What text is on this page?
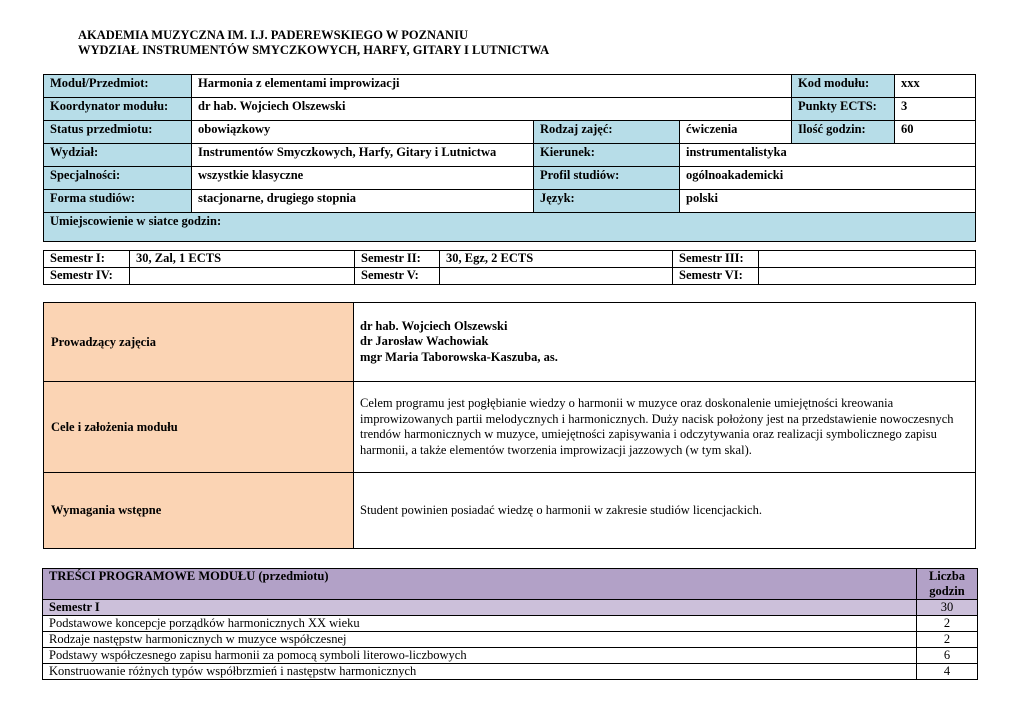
AKADEMIA MUZYCZNA IM. I.J. PADEREWSKIEGO W POZNANIU
WYDZIAŁ INSTRUMENTÓW SMYCZKOWYCH, HARFY, GITARY I LUTNICTWA
Moduł/Przedmiot:	Harmonia z elementami improwizacji			Kod modułu:	xxx
Koordynator modułu:	dr hab. Wojciech Olszewski			Punkty ECTS:	3
Status przedmiotu:	obowiązkowy	Rodzaj zajęć:	ćwiczenia	Ilość godzin:	60
Wydział:	Instrumentów Smyczkowych, Harfy, Gitary i Lutnictwa	Kierunek:	instrumentalistyka		
Specjalności:	wszystkie klasyczne	Profil studiów:	ogólnoakademicki		
Forma studiów:	stacjonarne, drugiego stopnia	Język:	polski		
Umiejscowienie w siatce godzin:					
Semestr I:	30, Zal, 1 ECTS	Semestr II:	30, Egz, 2 ECTS	Semestr III:	
Semestr IV:		Semestr V:		Semestr VI:	
Prowadzący zajęcia	dr hab. Wojciech Olszewski
dr Jarosław Wachowiak
mgr Maria Taborowska-Kaszuba, as.

Cele i założenia modułu	Celem programu jest pogłębianie wiedzy o harmonii w muzyce oraz doskonalenie umiejętności kreowania improwizowanych partii melodycznych i harmonicznych. Duży nacisk położony jest na przedstawienie nowoczesnych trendów harmonicznych w muzyce, umiejętności zapisywania i odczytywania oraz realizacji symbolicznego zapisu harmonii, a także elementów tworzenia improwizacji jazzowych (w tym skal).
Wymagania wstępne	Student powinien posiadać wiedzę o harmonii w zakresie studiów licencjackich.
TREŚCI PROGRAMOWE MODUŁU (przedmiotu)	Liczba godzin
Semestr I	30
Podstawowe koncepcje porządków harmonicznych XX wieku	2
Rodzaje następstw harmonicznych w muzyce współczesnej	2
Podstawy współczesnego zapisu harmonii za pomocą symboli literowo-liczbowych	6
Konstruowanie różnych typów współbrzmień i następstw harmonicznych	4
